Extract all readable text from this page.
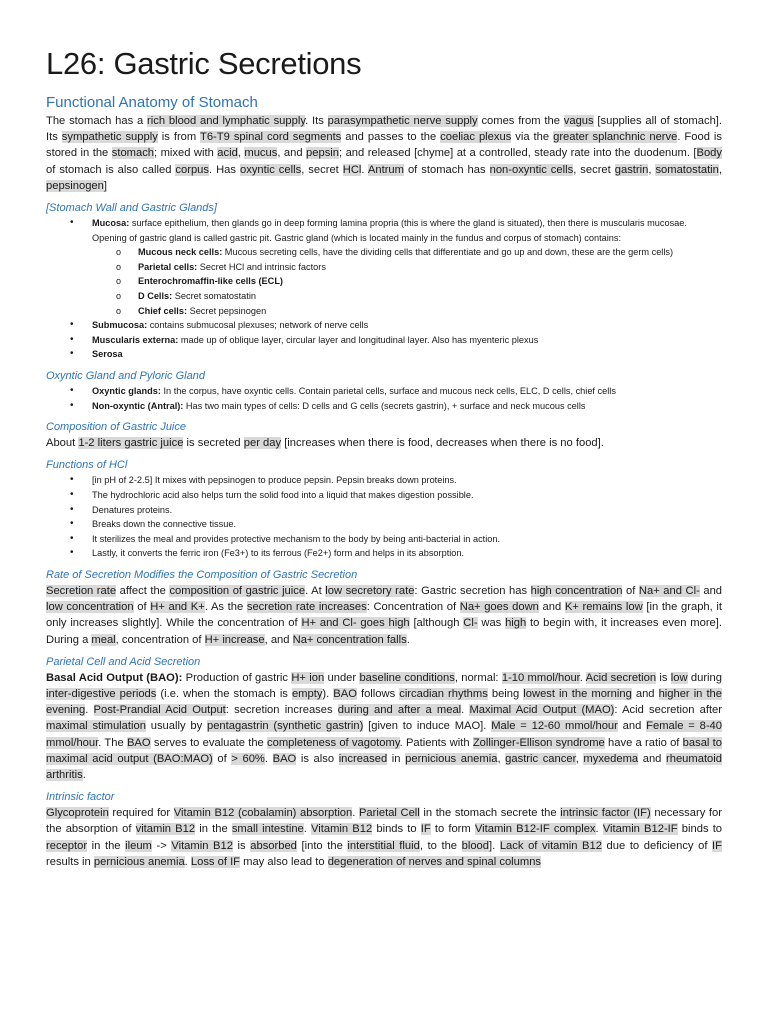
L26: Gastric Secretions
Functional Anatomy of Stomach

The stomach has a rich blood and lymphatic supply. Its parasympathetic nerve supply comes from the vagus [supplies all of stomach]. Its sympathetic supply is from T6-T9 spinal cord segments and passes to the coeliac plexus via the greater splanchnic nerve. Food is stored in the stomach; mixed with acid, mucus, and pepsin; and released [chyme] at a controlled, steady rate into the duodenum. [Body of stomach is also called corpus. Has oxyntic cells, secret HCl. Antrum of stomach has non-oxyntic cells, secret gastrin, somatostatin, pepsinogen]

[Stomach Wall and Gastric Glands]
• Mucosa: surface epithelium, then glands go in deep forming lamina propria (this is where the gland is situated), then there is muscularis mucosae. Opening of gastric gland is called gastric pit. Gastric gland (which is located mainly in the fundus and corpus of stomach) contains:
o Mucous neck cells: Mucous secreting cells, have the dividing cells that differentiate and go up and down, these are the germ cells)
o Parietal cells: Secret HCl and intrinsic factors
o Enterochromaffin-like cells (ECL)
o D Cells: Secret somatostatin
o Chief cells: Secret pepsinogen
• Submucosa: contains submucosal plexuses; network of nerve cells
• Muscularis externa: made up of oblique layer, circular layer and longitudinal layer. Also has myenteric plexus
• Serosa
Oxyntic Gland and Pyloric Gland
• Oxyntic glands: In the corpus, have oxyntic cells. Contain parietal cells, surface and mucous neck cells, ELC, D cells, chief cells
• Non-oxyntic (Antral): Has two main types of cells: D cells and G cells (secrets gastrin), + surface and neck mucous cells
Composition of Gastric Juice

About 1-2 liters gastric juice is secreted per day [increases when there is food, decreases when there is no food].

Functions of HCl
• [in pH of 2-2.5] It mixes with pepsinogen to produce pepsin. Pepsin breaks down proteins.
• The hydrochloric acid also helps turn the solid food into a liquid that makes digestion possible.
• Denatures proteins.
• Breaks down the connective tissue.
• It sterilizes the meal and provides protective mechanism to the body by being anti-bacterial in action.
• Lastly, it converts the ferric iron (Fe3+) to its ferrous (Fe2+) form and helps in its absorption.
Rate of Secretion Modifies the Composition of Gastric Secretion

Secretion rate affect the composition of gastric juice. At low secretory rate: Gastric secretion has high concentration of Na+ and Cl- and low concentration of H+ and K+. As the secretion rate increases: Concentration of Na+ goes down and K+ remains low [in the graph, it only increases slightly]. While the concentration of H+ and Cl- goes high [although Cl- was high to begin with, it increases even more]. During a meal, concentration of H+ increase, and Na+ concentration falls.

Parietal Cell and Acid Secretion

Basal Acid Output (BAO): Production of gastric H+ ion under baseline conditions, normal: 1-10 mmol/hour. Acid secretion is low during inter-digestive periods (i.e. when the stomach is empty). BAO follows circadian rhythms being lowest in the morning and higher in the evening. Post-Prandial Acid Output: secretion increases during and after a meal. Maximal Acid Output (MAO): Acid secretion after maximal stimulation usually by pentagastrin (synthetic gastrin) [given to induce MAO]. Male = 12-60 mmol/hour and Female = 8-40 mmol/hour. The BAO serves to evaluate the completeness of vagotomy. Patients with Zollinger-Ellison syndrome have a ratio of basal to maximal acid output (BAO:MAO) of > 60%. BAO is also increased in pernicious anemia, gastric cancer, myxedema and rheumatoid arthritis.

Intrinsic factor

Glycoprotein required for Vitamin B12 (cobalamin) absorption. Parietal Cell in the stomach secrete the intrinsic factor (IF) necessary for the absorption of vitamin B12 in the small intestine. Vitamin B12 binds to IF to form Vitamin B12-IF complex. Vitamin B12-IF binds to receptor in the ileum -> Vitamin B12 is absorbed [into the interstitial fluid, to the blood]. Lack of vitamin B12 due to deficiency of IF results in pernicious anemia. Loss of IF may also lead to degeneration of nerves and spinal columns
